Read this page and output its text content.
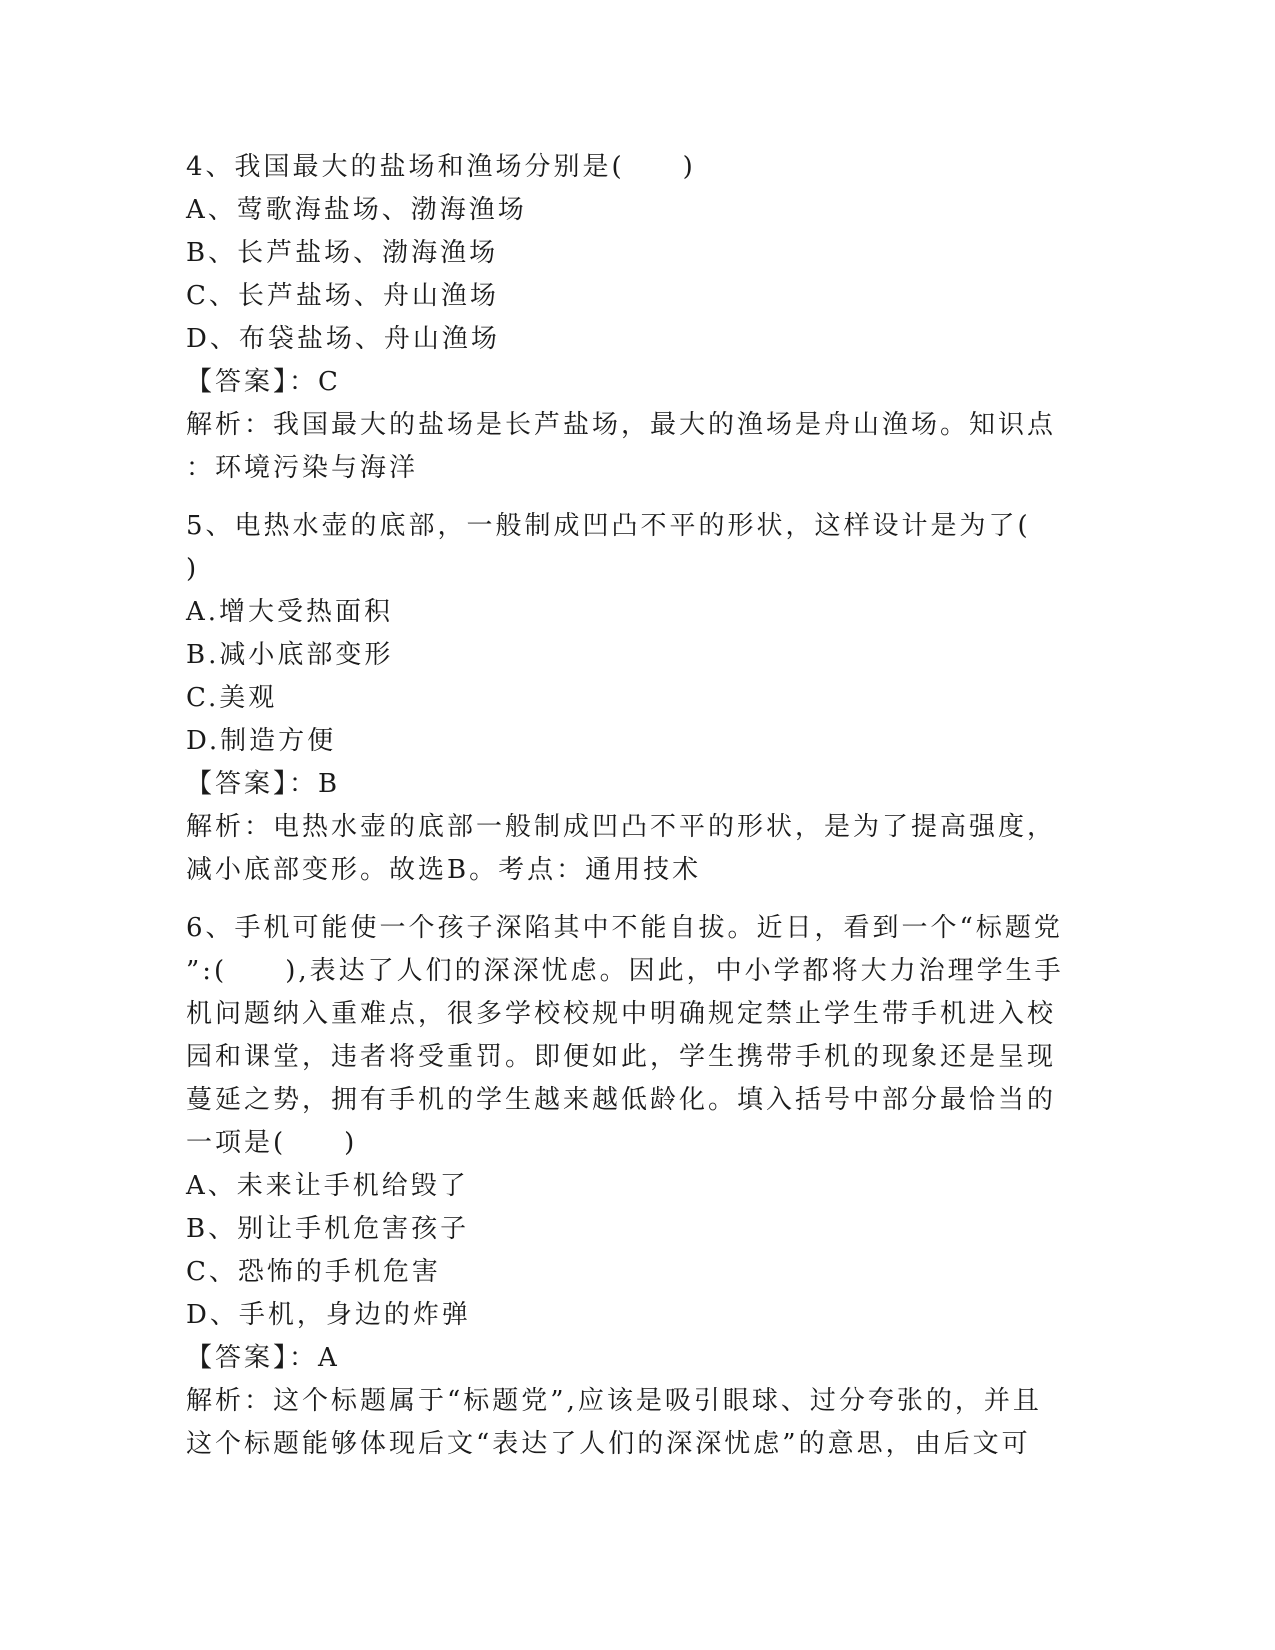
4、我国最大的盐场和渔场分别是(　　)
A、莺歌海盐场、渤海渔场
B、长芦盐场、渤海渔场
C、长芦盐场、舟山渔场
D、布袋盐场、舟山渔场
【答案】：C
解析：我国最大的盐场是长芦盐场，最大的渔场是舟山渔场。知识点
：环境污染与海洋
5、电热水壶的底部，一般制成凹凸不平的形状，这样设计是为了(
)
A.增大受热面积
B.减小底部变形
C.美观
D.制造方便
【答案】：B
解析：电热水壶的底部一般制成凹凸不平的形状，是为了提高强度，
减小底部变形。故选B。考点：通用技术
6、手机可能使一个孩子深陷其中不能自拔。近日，看到一个“标题党
”:(　　),表达了人们的深深忧虑。因此，中小学都将大力治理学生手
机问题纳入重难点，很多学校校规中明确规定禁止学生带手机进入校
园和课堂，违者将受重罚。即便如此，学生携带手机的现象还是呈现
蔓延之势，拥有手机的学生越来越低龄化。填入括号中部分最恰当的
一项是(　　)
A、未来让手机给毁了
B、别让手机危害孩子
C、恐怖的手机危害
D、手机，身边的炸弹
【答案】：A
解析：这个标题属于“标题党”,应该是吸引眼球、过分夸张的，并且
这个标题能够体现后文“表达了人们的深深忧虑”的意思，由后文可
